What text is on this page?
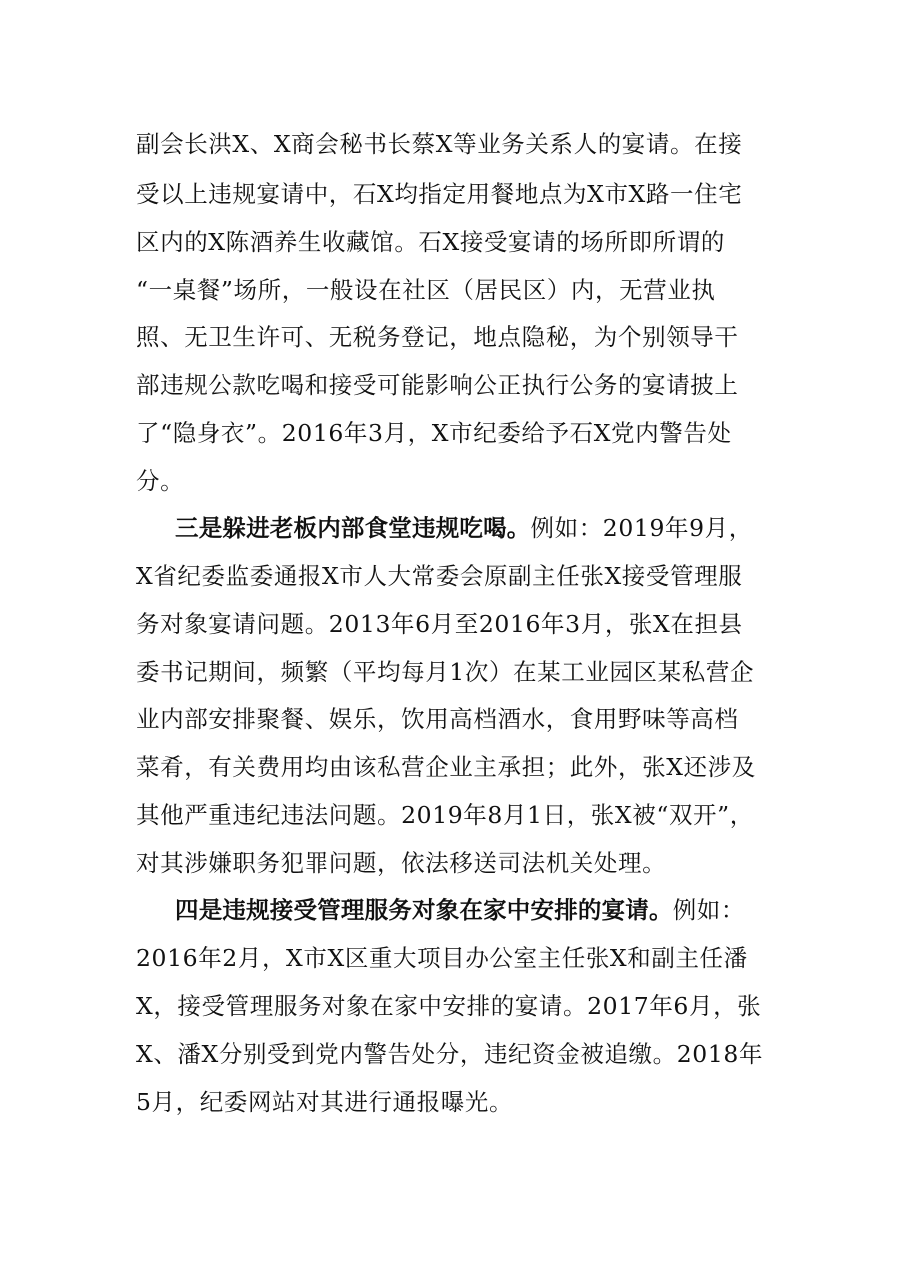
副会长洪X、X商会秘书长蔡X等业务关系人的宴请。在接
受以上违规宴请中，石X均指定用餐地点为X市X路一住宅
区内的X陈酒养生收藏馆。石X接受宴请的场所即所谓的
“一桌餐”场所，一般设在社区（居民区）内，无营业执
照、无卫生许可、无税务登记，地点隐秘，为个别领导干
部违规公款吃喝和接受可能影响公正执行公务的宴请披上
了“隐身衣”。2016年3月，X市纪委给予石X党内警告处
分。
三是躲进老板内部食堂违规吃喝。例如：2019年9月，
X省纪委监委通报X市人大常委会原副主任张X接受管理服
务对象宴请问题。2013年6月至2016年3月，张X在担县
委书记期间，频繁（平均每月1次）在某工业园区某私营企
业内部安排聚餐、娱乐，饮用高档酒水，食用野味等高档
菜肴，有关费用均由该私营企业主承担；此外，张X还涉及
其他严重违纪违法问题。2019年8月1日，张X被“双开”，
对其涉嫌职务犯罪问题，依法移送司法机关处理。
四是违规接受管理服务对象在家中安排的宴请。例如：
2016年2月，X市X区重大项目办公室主任张X和副主任潘
X，接受管理服务对象在家中安排的宴请。2017年6月，张
X、潘X分别受到党内警告处分，违纪资金被追缴。2018年
5月，纪委网站对其进行通报曝光。
